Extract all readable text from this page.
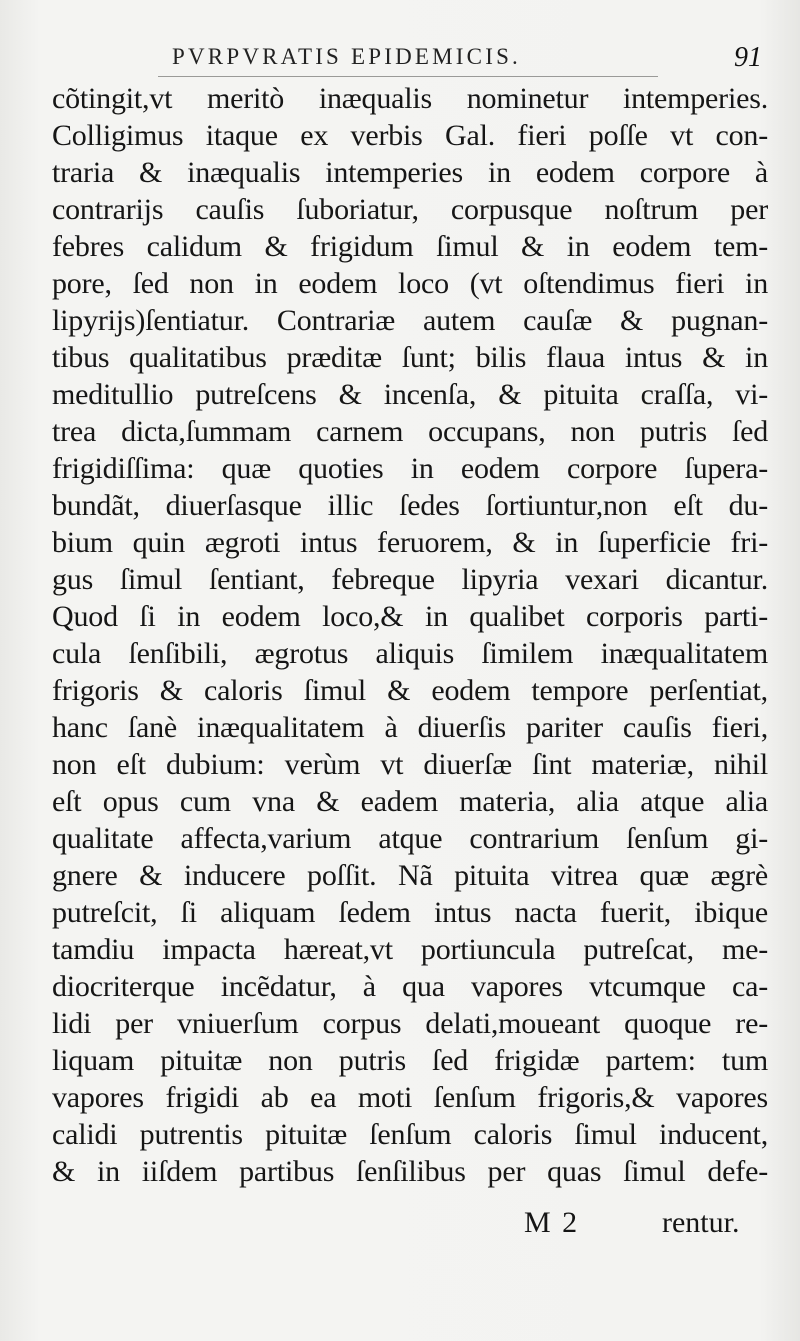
PVRPVRATIS EPIDEMICIS.	91
cõtingit,vt meritò inæqualis nominetur intemperies.
Colligimus itaque ex verbis Gal. fieri poſſe vt con-
traria & inæqualis intemperies in eodem corpore à
contrarijs cauſis ſuboriatur, corpusque noſtrum per
febres calidum & frigidum ſimul & in eodem tem-
pore, ſed non in eodem loco (vt oſtendimus fieri in
lipyrijs)ſentiatur. Contrariæ autem cauſæ & pugnan-
tibus qualitatibus præditæ ſunt; bilis flaua intus & in
meditullio putreſcens & incenſa, & pituita craſſa, vi-
trea dicta,ſummam carnem occupans, non putris ſed
frigidiſſima: quæ quoties in eodem corpore ſupera-
bundãt, diuerſasque illic ſedes ſortiuntur,non eſt du-
bium quin ægroti intus feruorem, & in ſuperficie fri-
gus ſimul ſentiant, febreque lipyria vexari dicantur.
Quod ſi in eodem loco,& in qualibet corporis parti-
cula ſenſibili, ægrotus aliquis ſimilem inæqualitatem
frigoris & caloris ſimul & eodem tempore perſentiat,
hanc ſanè inæqualitatem à diuerſis pariter cauſis fieri,
non eſt dubium: verùm vt diuerſæ ſint materiæ, nihil
eſt opus cum vna & eadem materia, alia atque alia
qualitate affecta,varium atque contrarium ſenſum gi-
gnere & inducere poſſit. Nã pituita vitrea quæ ægrè
putreſcit, ſi aliquam ſedem intus nacta fuerit, ibique
tamdiu impacta hæreat,vt portiuncula putreſcat, me-
diocriterque incẽdatur, à qua vapores vtcumque ca-
lidi per vniuerſum corpus delati,moueant quoque re-
liquam pituitæ non putris ſed frigidæ partem: tum
vapores frigidi ab ea moti ſenſum frigoris,& vapores
calidi putrentis pituitæ ſenſum caloris ſimul inducent,
& in iiſdem partibus ſenſilibus per quas ſimul defe-
M 2	rentur.
